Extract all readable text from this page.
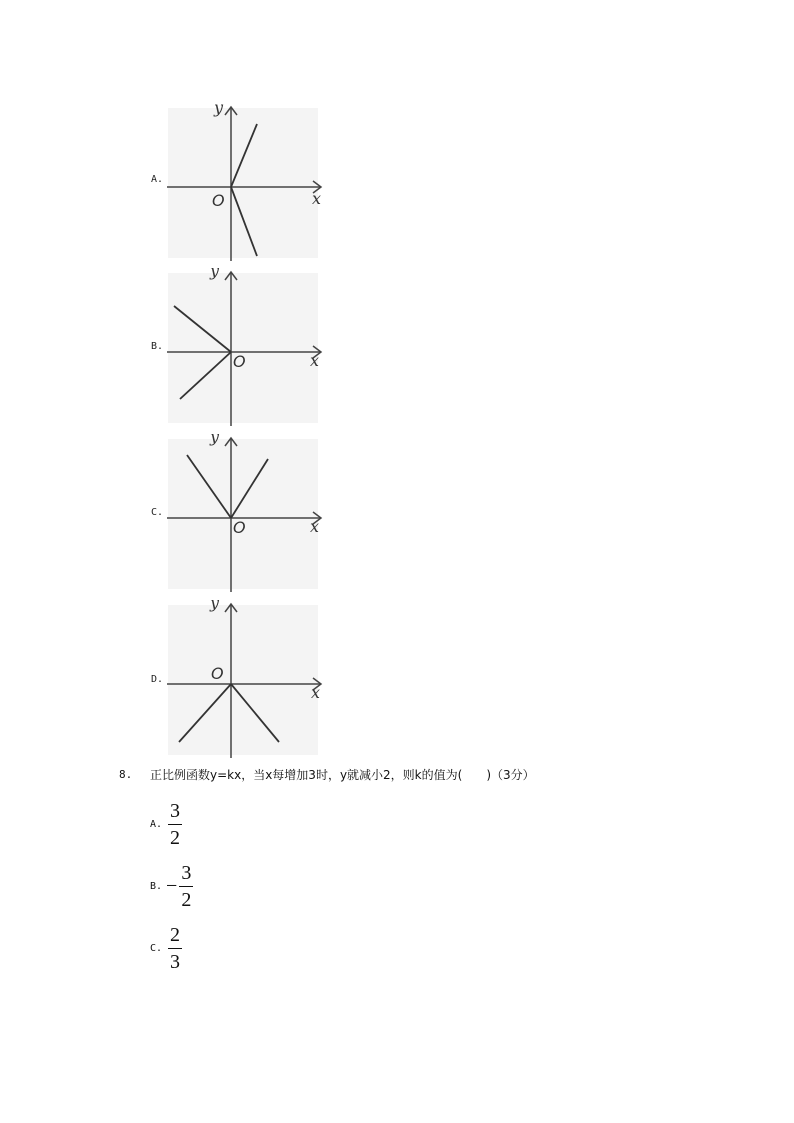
A.
x
y
O
B.
x
y
O
C.
x
y
O
D.
x
y
O
8. 正比例函数y=kx，当x每增加3时，y就减小2，则k的值为(　　)（3分）
A. $\frac{3}{2}$
B. − $\frac{3}{2}$
C. $\frac{2}{3}$
